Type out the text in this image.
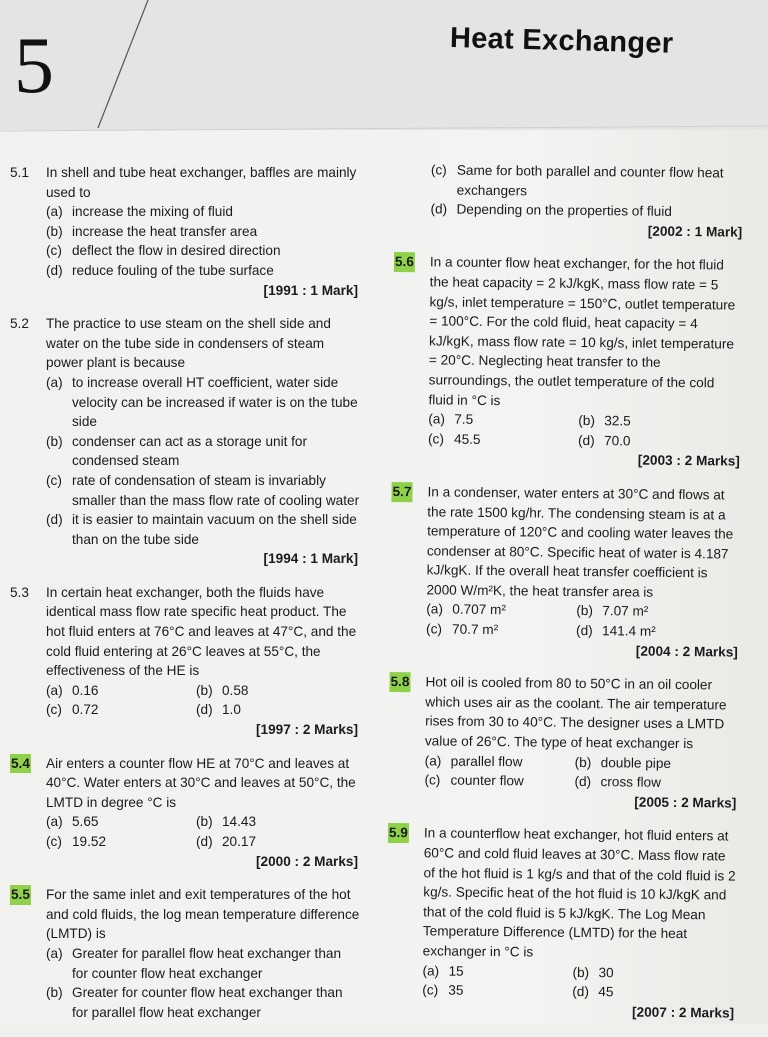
5	Heat Exchanger
5.1 In shell and tube heat exchanger, baffles are mainly used to
(a) increase the mixing of fluid
(b) increase the heat transfer area
(c) deflect the flow in desired direction
(d) reduce fouling of the tube surface
[1991 : 1 Mark]
5.2 The practice to use steam on the shell side and water on the tube side in condensers of steam power plant is because
(a) to increase overall HT coefficient, water side velocity can be increased if water is on the tube side
(b) condenser can act as a storage unit for condensed steam
(c) rate of condensation of steam is invariably smaller than the mass flow rate of cooling water
(d) it is easier to maintain vacuum on the shell side than on the tube side
[1994 : 1 Mark]
5.3 In certain heat exchanger, both the fluids have identical mass flow rate specific heat product. The hot fluid enters at 76°C and leaves at 47°C, and the cold fluid entering at 26°C leaves at 55°C, the effectiveness of the HE is
(a) 0.16	(b) 0.58
(c) 0.72	(d) 1.0
[1997 : 2 Marks]
5.4 Air enters a counter flow HE at 70°C and leaves at 40°C. Water enters at 30°C and leaves at 50°C, the LMTD in degree °C is
(a) 5.65	(b) 14.43
(c) 19.52	(d) 20.17
[2000 : 2 Marks]
5.5 For the same inlet and exit temperatures of the hot and cold fluids, the log mean temperature difference (LMTD) is
(a) Greater for parallel flow heat exchanger than for counter flow heat exchanger
(b) Greater for counter flow heat exchanger than for parallel flow heat exchanger
(c) Same for both parallel and counter flow heat exchangers
(d) Depending on the properties of fluid
[2002 : 1 Mark]
5.6 In a counter flow heat exchanger, for the hot fluid the heat capacity = 2 kJ/kgK, mass flow rate = 5 kg/s, inlet temperature = 150°C, outlet temperature = 100°C. For the cold fluid, heat capacity = 4 kJ/kgK, mass flow rate = 10 kg/s, inlet temperature = 20°C. Neglecting heat transfer to the surroundings, the outlet temperature of the cold fluid in °C is
(a) 7.5	(b) 32.5
(c) 45.5	(d) 70.0
[2003 : 2 Marks]
5.7 In a condenser, water enters at 30°C and flows at the rate 1500 kg/hr. The condensing steam is at a temperature of 120°C and cooling water leaves the condenser at 80°C. Specific heat of water is 4.187 kJ/kgK. If the overall heat transfer coefficient is 2000 W/m²K, the heat transfer area is
(a) 0.707 m²	(b) 7.07 m²
(c) 70.7 m²	(d) 141.4 m²
[2004 : 2 Marks]
5.8 Hot oil is cooled from 80 to 50°C in an oil cooler which uses air as the coolant. The air temperature rises from 30 to 40°C. The designer uses a LMTD value of 26°C. The type of heat exchanger is
(a) parallel flow	(b) double pipe
(c) counter flow	(d) cross flow
[2005 : 2 Marks]
5.9 In a counterflow heat exchanger, hot fluid enters at 60°C and cold fluid leaves at 30°C. Mass flow rate of the hot fluid is 1 kg/s and that of the cold fluid is 2 kg/s. Specific heat of the hot fluid is 10 kJ/kgK and that of the cold fluid is 5 kJ/kgK. The Log Mean Temperature Difference (LMTD) for the heat exchanger in °C is
(a) 15	(b) 30
(c) 35	(d) 45
[2007 : 2 Marks]
